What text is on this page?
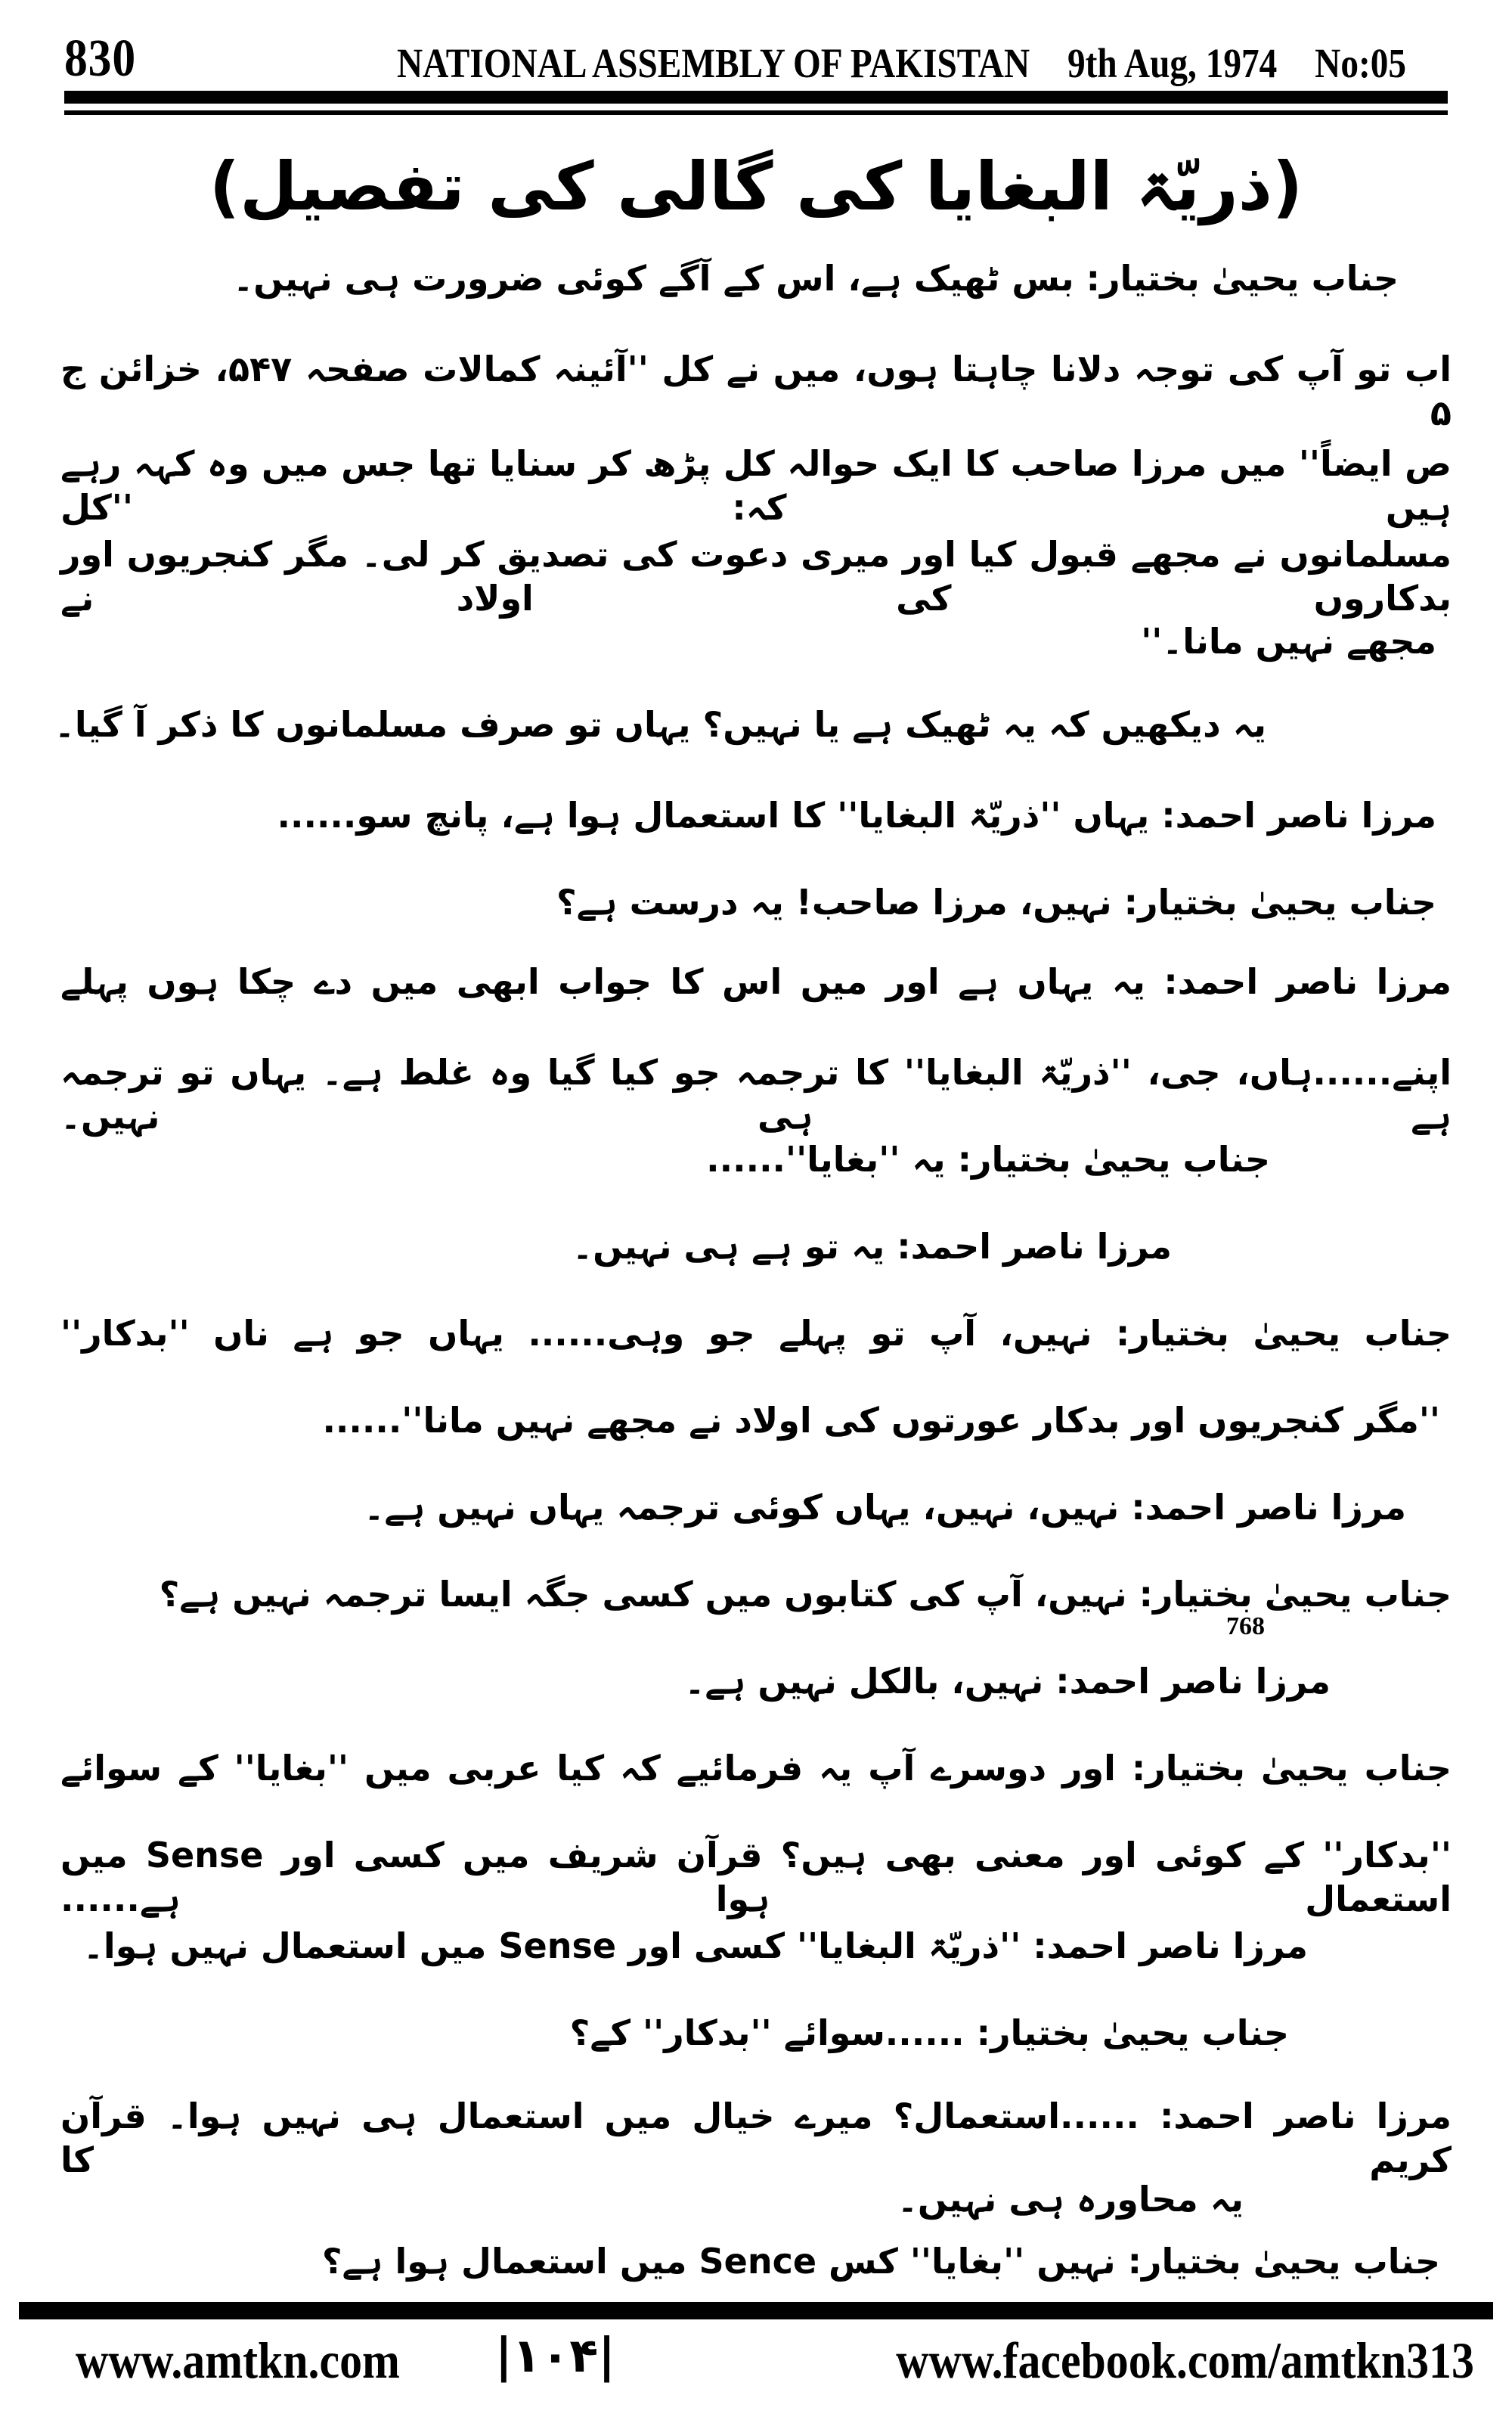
830	NATIONAL ASSEMBLY OF PAKISTAN 9th Aug, 1974 No:05
(ذریّۃ البغایا کی گالی کی تفصیل)
جناب یحییٰ بختیار: بس ٹھیک ہے، اس کے آگے کوئی ضرورت ہی نہیں۔
اب تو آپ کی توجہ دلانا چاہتا ہوں، میں نے کل ''آئینہ کمالات صفحہ ۵۴۷، خزائن ج ۵
ص ایضاً'' میں مرزا صاحب کا ایک حوالہ کل پڑھ کر سنایا تھا جس میں وہ کہہ رہے ہیں کہ: ''کل
مسلمانوں نے مجھے قبول کیا اور میری دعوت کی تصدیق کر لی۔ مگر کنجریوں اور بدکاروں کی اولاد نے
مجھے نہیں مانا۔''
یہ دیکھیں کہ یہ ٹھیک ہے یا نہیں؟ یہاں تو صرف مسلمانوں کا ذکر آ گیا۔
مرزا ناصر احمد: یہاں ''ذریّۃ البغایا'' کا استعمال ہوا ہے، پانچ سو......
جناب یحییٰ بختیار: نہیں، مرزا صاحب! یہ درست ہے؟
مرزا ناصر احمد: یہ یہاں ہے اور میں اس کا جواب ابھی میں دے چکا ہوں پہلے
اپنے......ہاں، جی، ''ذریّۃ البغایا'' کا ترجمہ جو کیا گیا وہ غلط ہے۔ یہاں تو ترجمہ ہے ہی نہیں۔
جناب یحییٰ بختیار: یہ ''بغایا''......
مرزا ناصر احمد: یہ تو ہے ہی نہیں۔
جناب یحییٰ بختیار: نہیں، آپ تو پہلے جو وہی...... یہاں جو ہے ناں ''بدکار''
''مگر کنجریوں اور بدکار عورتوں کی اولاد نے مجھے نہیں مانا''......
مرزا ناصر احمد: نہیں، نہیں، یہاں کوئی ترجمہ یہاں نہیں ہے۔
جناب یحییٰ بختیار: نہیں، آپ کی کتابوں میں کسی جگہ ایسا ترجمہ نہیں ہے؟
مرزا ناصر احمد: نہیں، بالکل نہیں ہے۔
جناب یحییٰ بختیار: اور دوسرے آپ یہ فرمائیے کہ کیا عربی میں ''بغایا'' کے سوائے
''بدکار'' کے کوئی اور معنی بھی ہیں؟ قرآن شریف میں کسی اور Sense میں استعمال ہوا ہے......
مرزا ناصر احمد: ''ذریّۃ البغایا'' کسی اور Sense میں استعمال نہیں ہوا۔
جناب یحییٰ بختیار: ......سوائے ''بدکار'' کے؟
مرزا ناصر احمد: ......استعمال؟ میرے خیال میں استعمال ہی نہیں ہوا۔ قرآن کریم کا
یہ محاورہ ہی نہیں۔
جناب یحییٰ بختیار: نہیں ''بغایا'' کس Sence میں استعمال ہوا ہے؟
768
www.amtkn.com |۱۰۴|	www.facebook.com/amtkn313
